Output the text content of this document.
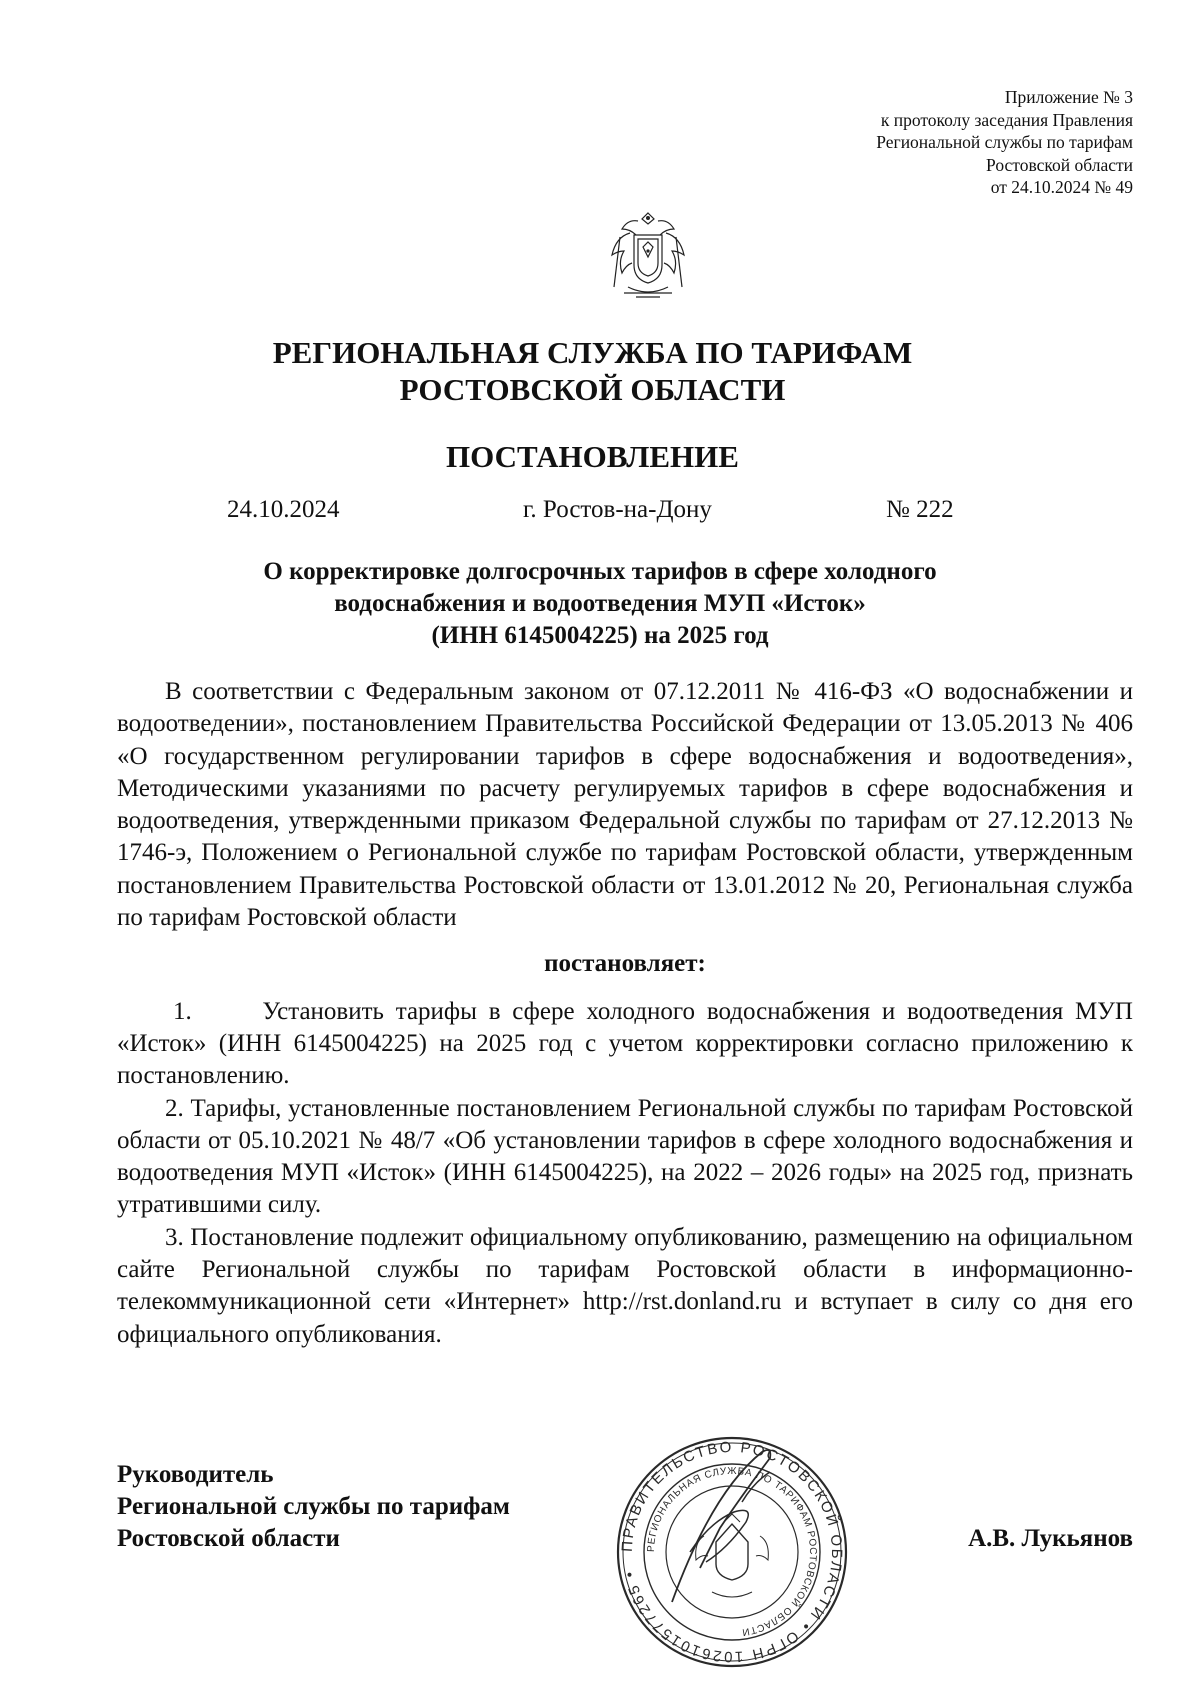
Приложение № 3
к протоколу заседания Правления
Региональной службы по тарифам
Ростовской области
от 24.10.2024 № 49
РЕГИОНАЛЬНАЯ СЛУЖБА ПО ТАРИФАМ
РОСТОВСКОЙ ОБЛАСТИ
ПОСТАНОВЛЕНИЕ
24.10.2024	г. Ростов-на-Дону	№ 222
О корректировке долгосрочных тарифов в сфере холодного
водоснабжения и водоотведения МУП «Исток»
(ИНН 6145004225) на 2025 год

В соответствии с Федеральным законом от 07.12.2011 № 416-ФЗ «О водоснабжении и водоотведении», постановлением Правительства Российской Федерации от 13.05.2013 № 406 «О государственном регулировании тарифов в сфере водоснабжения и водоотведения», Методическими указаниями по расчету регулируемых тарифов в сфере водоснабжения и водоотведения, утвержденными приказом Федеральной службы по тарифам от 27.12.2013 № 1746-э, Положением о Региональной службе по тарифам Ростовской области, утвержденным постановлением Правительства Ростовской области от 13.01.2012 № 20, Региональная служба по тарифам Ростовской области

постановляет:

1.      Установить тарифы в сфере холодного водоснабжения и водоотведения МУП «Исток» (ИНН 6145004225) на 2025 год с учетом корректировки согласно приложению к постановлению.

2. Тарифы, установленные постановлением Региональной службы по тарифам Ростовской области от 05.10.2021 № 48/7 «Об установлении тарифов в сфере холодного водоснабжения и водоотведения МУП «Исток» (ИНН 6145004225), на 2022 – 2026 годы» на 2025 год, признать утратившими силу.

3. Постановление подлежит официальному опубликованию, размещению на официальном сайте Региональной службы по тарифам Ростовской области в информационно-телекоммуникационной сети «Интернет» http://rst.donland.ru и вступает в силу со дня его официального опубликования.

Руководитель
Региональной службы по тарифам
Ростовской области	ПРАВИТЕЛЬСТВО РОСТОВСКОЙ ОБЛАСТИ • ОГРН 1026101577265 •
РЕГИОНАЛЬНАЯ СЛУЖБА ПО ТАРИФАМ РОСТОВСКОЙ ОБЛАСТИ
А.В. Лукьянов
